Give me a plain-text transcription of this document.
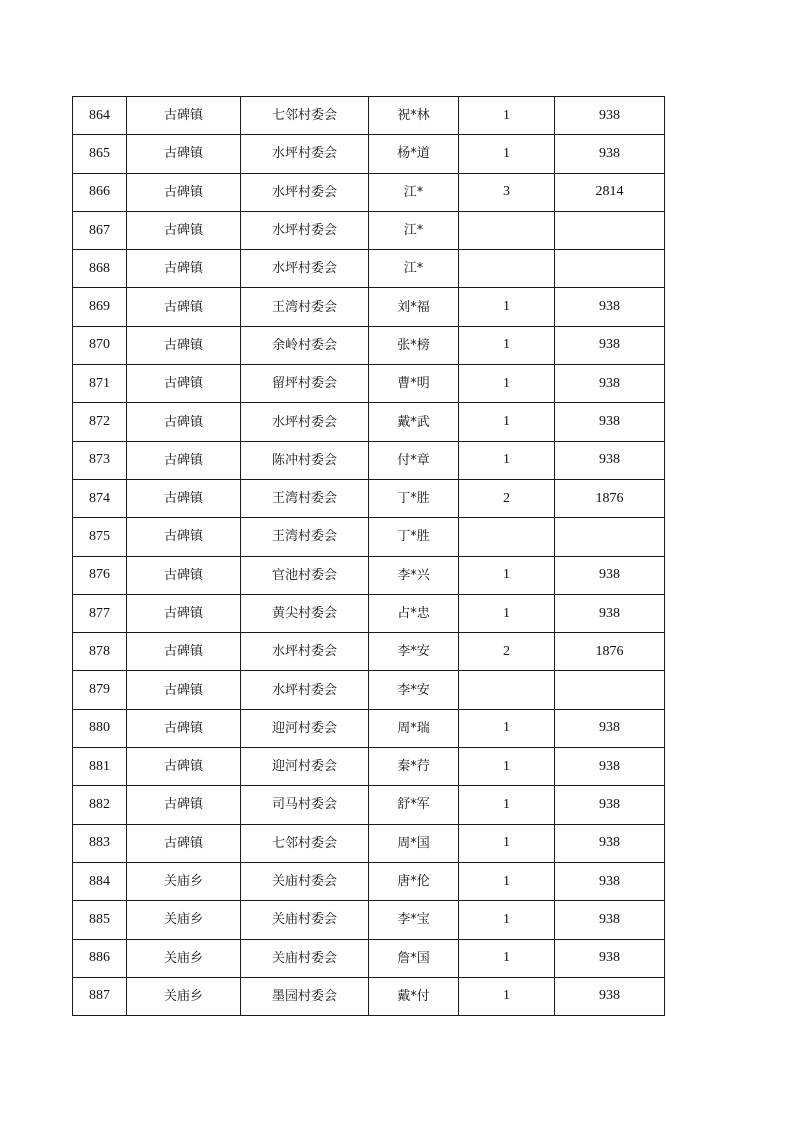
864	古碑镇	七邻村委会	祝*林	1	938
865	古碑镇	水坪村委会	杨*道	1	938
866	古碑镇	水坪村委会	江*	3	2814
867	古碑镇	水坪村委会	江*		
868	古碑镇	水坪村委会	江*		
869	古碑镇	王湾村委会	刘*福	1	938
870	古碑镇	余岭村委会	张*榜	1	938
871	古碑镇	留坪村委会	曹*明	1	938
872	古碑镇	水坪村委会	戴*武	1	938
873	古碑镇	陈冲村委会	付*章	1	938
874	古碑镇	王湾村委会	丁*胜	2	1876
875	古碑镇	王湾村委会	丁*胜		
876	古碑镇	官池村委会	李*兴	1	938
877	古碑镇	黄尖村委会	占*忠	1	938
878	古碑镇	水坪村委会	李*安	2	1876
879	古碑镇	水坪村委会	李*安		
880	古碑镇	迎河村委会	周*瑞	1	938
881	古碑镇	迎河村委会	秦*荇	1	938
882	古碑镇	司马村委会	舒*军	1	938
883	古碑镇	七邻村委会	周*国	1	938
884	关庙乡	关庙村委会	唐*伦	1	938
885	关庙乡	关庙村委会	李*宝	1	938
886	关庙乡	关庙村委会	詹*国	1	938
887	关庙乡	墨园村委会	戴*付	1	938
